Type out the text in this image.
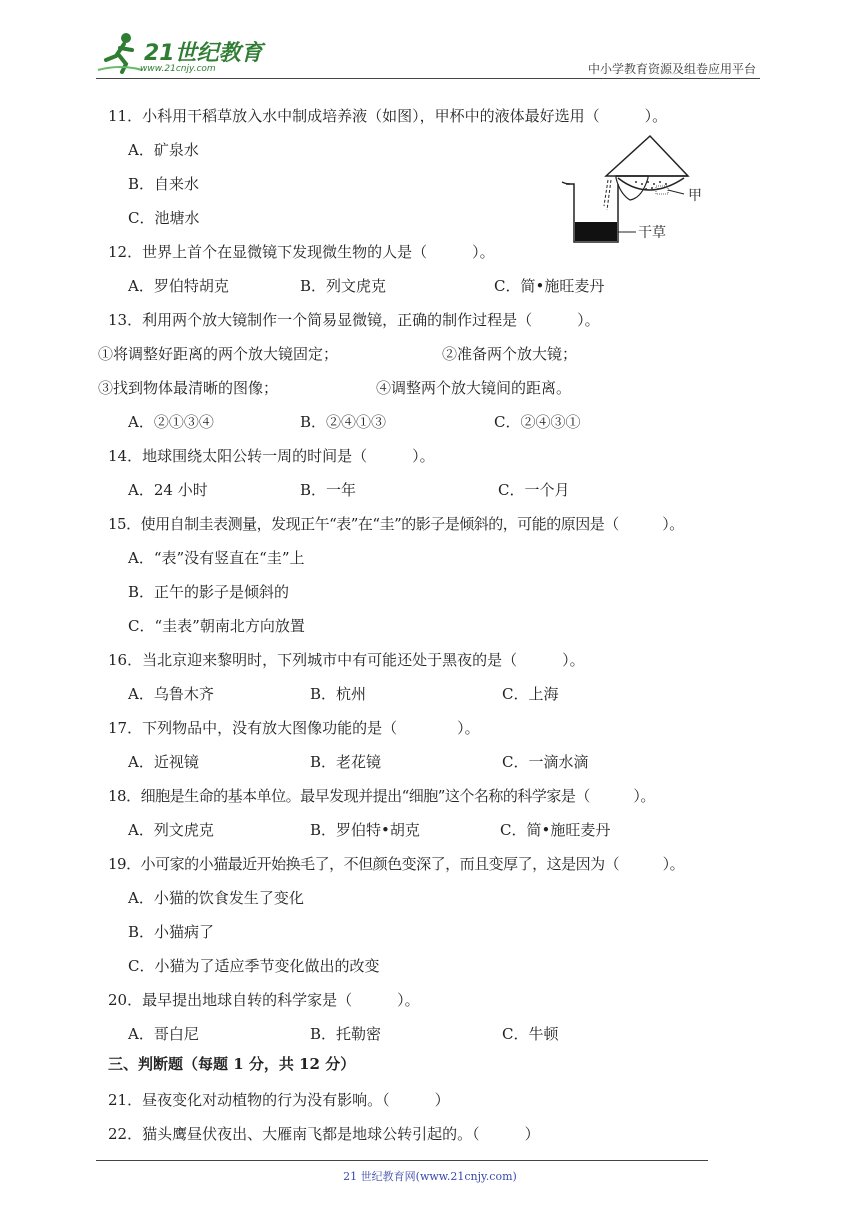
21世纪教育
www.21cnjy.com	中小学教育资源及组卷应用平台
11．小科用干稻草放入水中制成培养液（如图），甲杯中的液体最好选用（　　　）。
A．矿泉水
B．自来水
C．池塘水
甲
干草
12．世界上首个在显微镜下发现微生物的人是（　　　）。
A．罗伯特胡克	B．列文虎克	C．简•施旺麦丹
13．利用两个放大镜制作一个简易显微镜，正确的制作过程是（　　　）。
①将调整好距离的两个放大镜固定；	②准备两个放大镜；
③找到物体最清晰的图像；	④调整两个放大镜间的距离。
A．②①③④	B．②④①③	C．②④③①
14．地球围绕太阳公转一周的时间是（　　　）。
A．24 小时	B．一年	C．一个月
15．使用自制圭表测量，发现正午“表”在“圭”的影子是倾斜的，可能的原因是（　　　）。
A．“表”没有竖直在“圭”上
B．正午的影子是倾斜的
C．“圭表”朝南北方向放置
16．当北京迎来黎明时，下列城市中有可能还处于黑夜的是（　　　）。
A．乌鲁木齐	B．杭州	C．上海
17．下列物品中，没有放大图像功能的是（　　　　）。
A．近视镜	B．老花镜	C．一滴水滴
18．细胞是生命的基本单位。最早发现并提出“细胞”这个名称的科学家是（　　　）。
A．列文虎克	B．罗伯特•胡克	C．简•施旺麦丹
19．小可家的小猫最近开始换毛了，不但颜色变深了，而且变厚了，这是因为（　　　）。
A．小猫的饮食发生了变化
B．小猫病了
C．小猫为了适应季节变化做出的改变
20．最早提出地球自转的科学家是（　　　）。
A．哥白尼	B．托勒密	C．牛顿
三、判断题（每题 1 分，共 12 分）
21．昼夜变化对动植物的行为没有影响。（　　　）
22．猫头鹰昼伏夜出、大雁南飞都是地球公转引起的。（　　　）
21 世纪教育网(www.21cnjy.com)
